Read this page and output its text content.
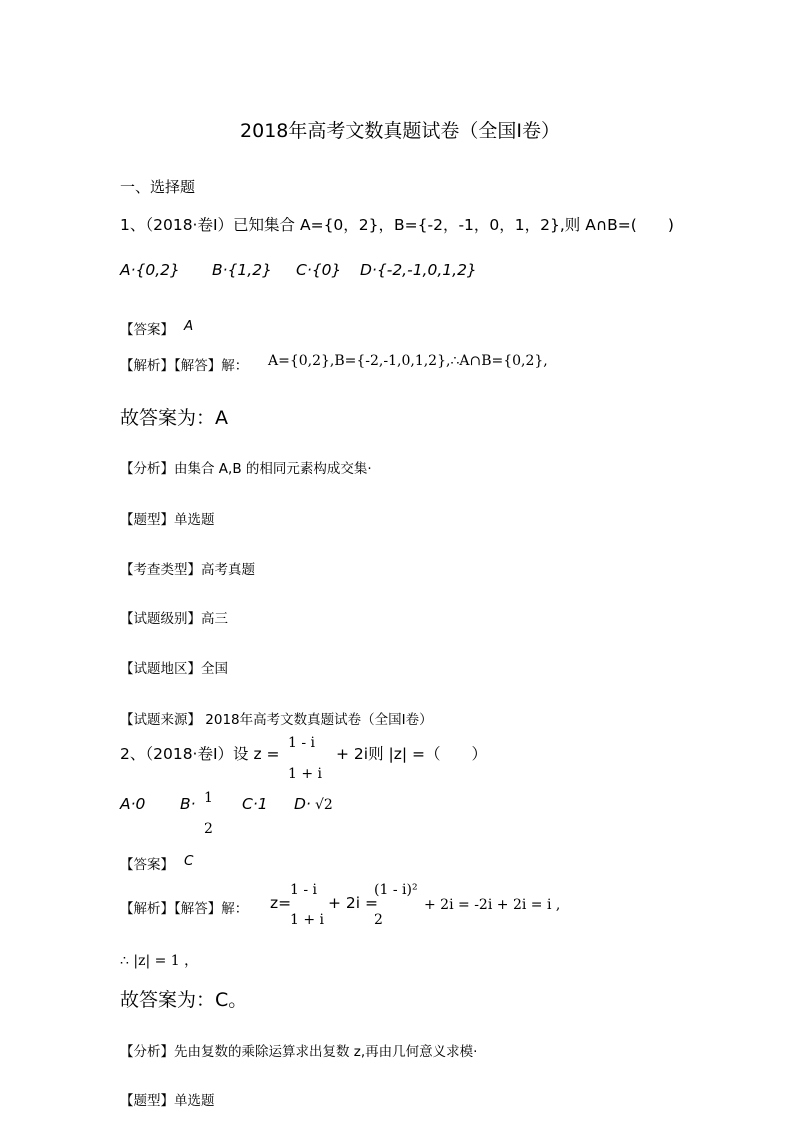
2018年高考文数真题试卷（全国Ⅰ卷）
一、选择题
1、（2018·卷Ⅰ）已知集合 A={0，2}，B={-2，-1，0，1，2},则 A∩B=(　　)
A·{0,2} B·{1,2} C·{0} D·{-2,-1,0,1,2}
【答案】 A
【解析】【解答】解： A={0,2},B={-2,-1,0,1,2},∴A∩B={0,2},
故答案为：A
【分析】由集合 A,B 的相同元素构成交集·
【题型】单选题
【考查类型】高考真题
【试题级别】高三
【试题地区】全国
【试题来源】 2018年高考文数真题试卷（全国Ⅰ卷）
2、（2018·卷Ⅰ）设 z =
1 - i
1 + i
+ 2i则 |z| =（　　）
A·0 B· 1
2
C·1 D· √2
【答案】 C
【解析】【解答】解： z=
1 - i
1 + i
+ 2i =
(1 - i)²
2
+ 2i = -2i + 2i = i ,
∴ |z| = 1 ，
故答案为：C。
【分析】先由复数的乘除运算求出复数 z,再由几何意义求模·
【题型】单选题
